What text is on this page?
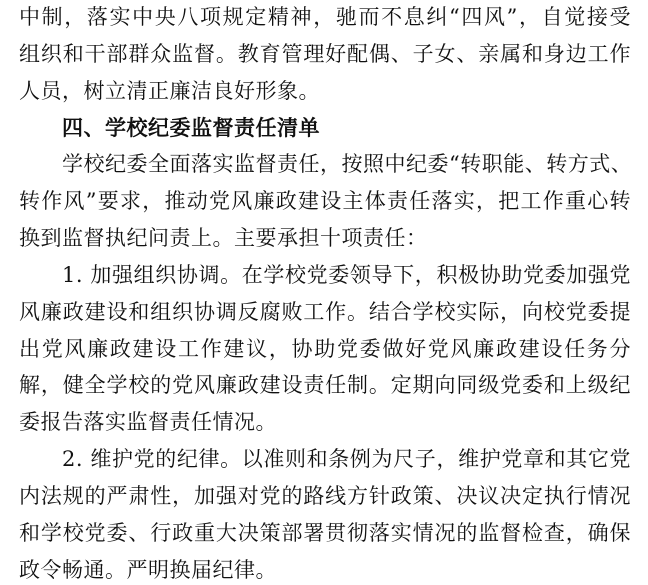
中制，落实中央八项规定精神，驰而不息纠“四风”，自觉接受
组织和干部群众监督。教育管理好配偶、子女、亲属和身边工作
人员，树立清正廉洁良好形象。
四、学校纪委监督责任清单
学校纪委全面落实监督责任，按照中纪委“转职能、转方式、
转作风”要求，推动党风廉政建设主体责任落实，把工作重心转
换到监督执纪问责上。主要承担十项责任：
1. 加强组织协调。在学校党委领导下，积极协助党委加强党
风廉政建设和组织协调反腐败工作。结合学校实际，向校党委提
出党风廉政建设工作建议，协助党委做好党风廉政建设任务分
解，健全学校的党风廉政建设责任制。定期向同级党委和上级纪
委报告落实监督责任情况。
2. 维护党的纪律。以准则和条例为尺子，维护党章和其它党
内法规的严肃性，加强对党的路线方针政策、决议决定执行情况
和学校党委、行政重大决策部署贯彻落实情况的监督检查，确保
政令畅通。严明换届纪律。
